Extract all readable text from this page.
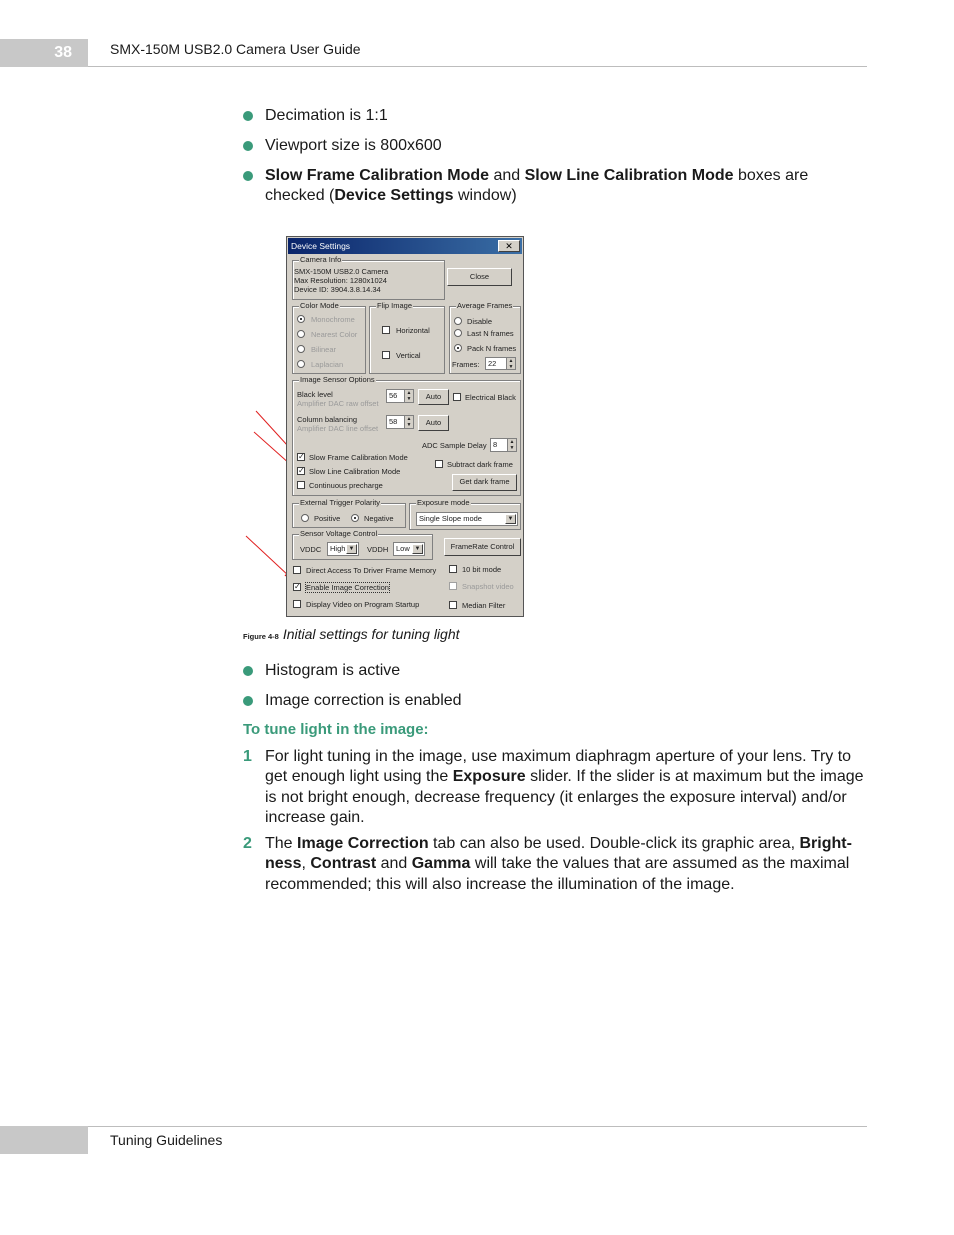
38	SMX-150M USB2.0 Camera User Guide
Decimation is 1:1
Viewport size is 800x600
Slow Frame Calibration Mode and Slow Line Calibration Mode boxes are checked (Device Settings window)
Device Settings	✕
Camera Info
SMX-150M USB2.0 Camera
Max Resolution: 1280x1024
Device ID: 3904.3.8.14.34
Close
Color Mode
Monochrome
Nearest Color
Bilinear
Laplacian
Flip Image
Horizontal
Vertical
Average Frames
Disable
Last N frames
Pack N frames
Frames:	22	▲
▼
Image Sensor Options
Black level
Amplifier DAC raw offset
56	▲
▼	Auto	Electrical Black
Column balancing
Amplifier DAC line offset
58	▲
▼	Auto
ADC Sample Delay 8	▲
▼
✓ Slow Frame Calibration Mode
✓ Slow Line Calibration Mode
Continuous precharge
Subtract dark frame
Get dark frame
External Trigger Polarity
Positive	Negative
Exposure mode
Single Slope mode	▼
Sensor Voltage Control
VDDC	High ▼	VDDH	Low ▼	FrameRate Control
Direct Access To Driver Frame Memory	10 bit mode
✓ Enable Image Correction	Snapshot video
Display Video on Program Startup	Median Filter
Figure 4-8 Initial settings for tuning light
Histogram is active
Image correction is enabled
To tune light in the image:
1 For light tuning in the image, use maximum diaphragm aperture of your lens. Try to get enough light using the Exposure slider. If the slider is at maximum but the image is not bright enough, decrease frequency (it enlarges the exposure interval) and/or increase gain.
2 The Image Correction tab can also be used. Double-click its graphic area, Bright-ness, Contrast and Gamma will take the values that are assumed as the maximal recommended; this will also increase the illumination of the image.
Tuning Guidelines
